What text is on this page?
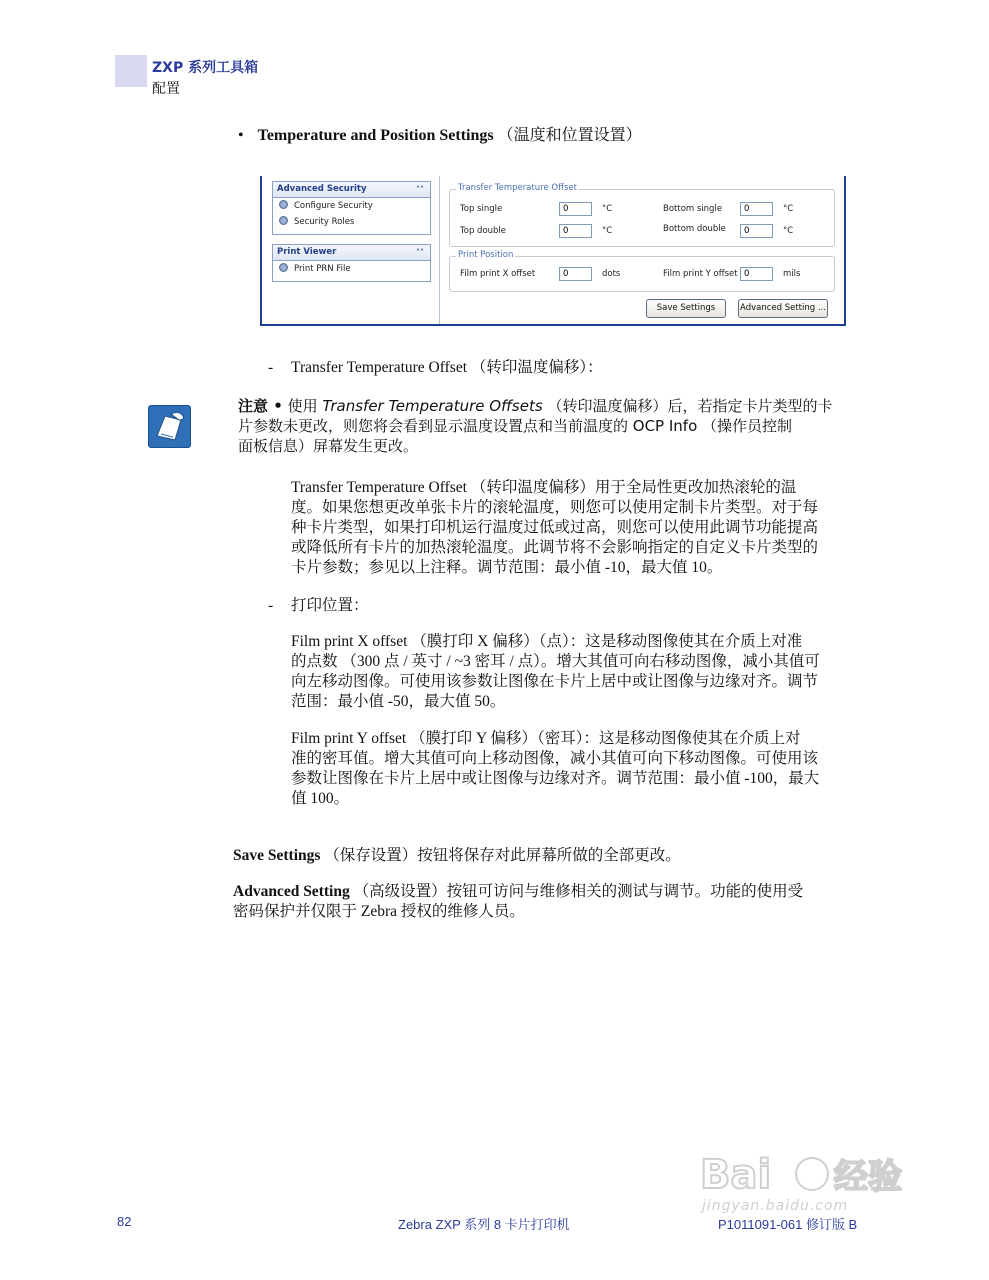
ZXP 系列工具箱
配置
• Temperature and Position Settings （温度和位置设置）
Advanced Security	˄˄
Configure Security
Security Roles
Print Viewer	˄˄
Print PRN File
Transfer Temperature Offset
Top single	0	°C	Bottom single	0	°C
Top double	0	°C	Bottom double	0	°C
Print Position
Film print X offset	0	dots	Film print Y offset 0	mils
Save Settings	Advanced Setting ...
- Transfer Temperature Offset （转印温度偏移）：
注意 • 使用 Transfer Temperature Offsets （转印温度偏移）后，若指定卡片类型的卡
片参数未更改，则您将会看到显示温度设置点和当前温度的 OCP Info （操作员控制
面板信息）屏幕发生更改。
Transfer Temperature Offset （转印温度偏移）用于全局性更改加热滚轮的温
度。如果您想更改单张卡片的滚轮温度，则您可以使用定制卡片类型。对于每
种卡片类型，如果打印机运行温度过低或过高，则您可以使用此调节功能提高
或降低所有卡片的加热滚轮温度。此调节将不会影响指定的自定义卡片类型的
卡片参数；参见以上注释。调节范围：最小值 -10，最大值 10。
- 打印位置：
Film print X offset （膜打印 X 偏移）（点）：这是移动图像使其在介质上对准
的点数 （300 点 / 英寸 / ~3 密耳 / 点）。增大其值可向右移动图像，减小其值可
向左移动图像。可使用该参数让图像在卡片上居中或让图像与边缘对齐。调节
范围：最小值 -50，最大值 50。
Film print Y offset （膜打印 Y 偏移）（密耳）：这是移动图像使其在介质上对
准的密耳值。增大其值可向上移动图像，减小其值可向下移动图像。可使用该
参数让图像在卡片上居中或让图像与边缘对齐。调节范围：最小值 -100，最大
值 100。
Save Settings （保存设置）按钮将保存对此屏幕所做的全部更改。
Advanced Setting （高级设置）按钮可访问与维修相关的测试与调节。功能的使用受
密码保护并仅限于 Zebra 授权的维修人员。
Bai 经验
jingyan.baidu.com
82	Zebra ZXP 系列 8 卡片打印机	P1011091-061 修订版 B
